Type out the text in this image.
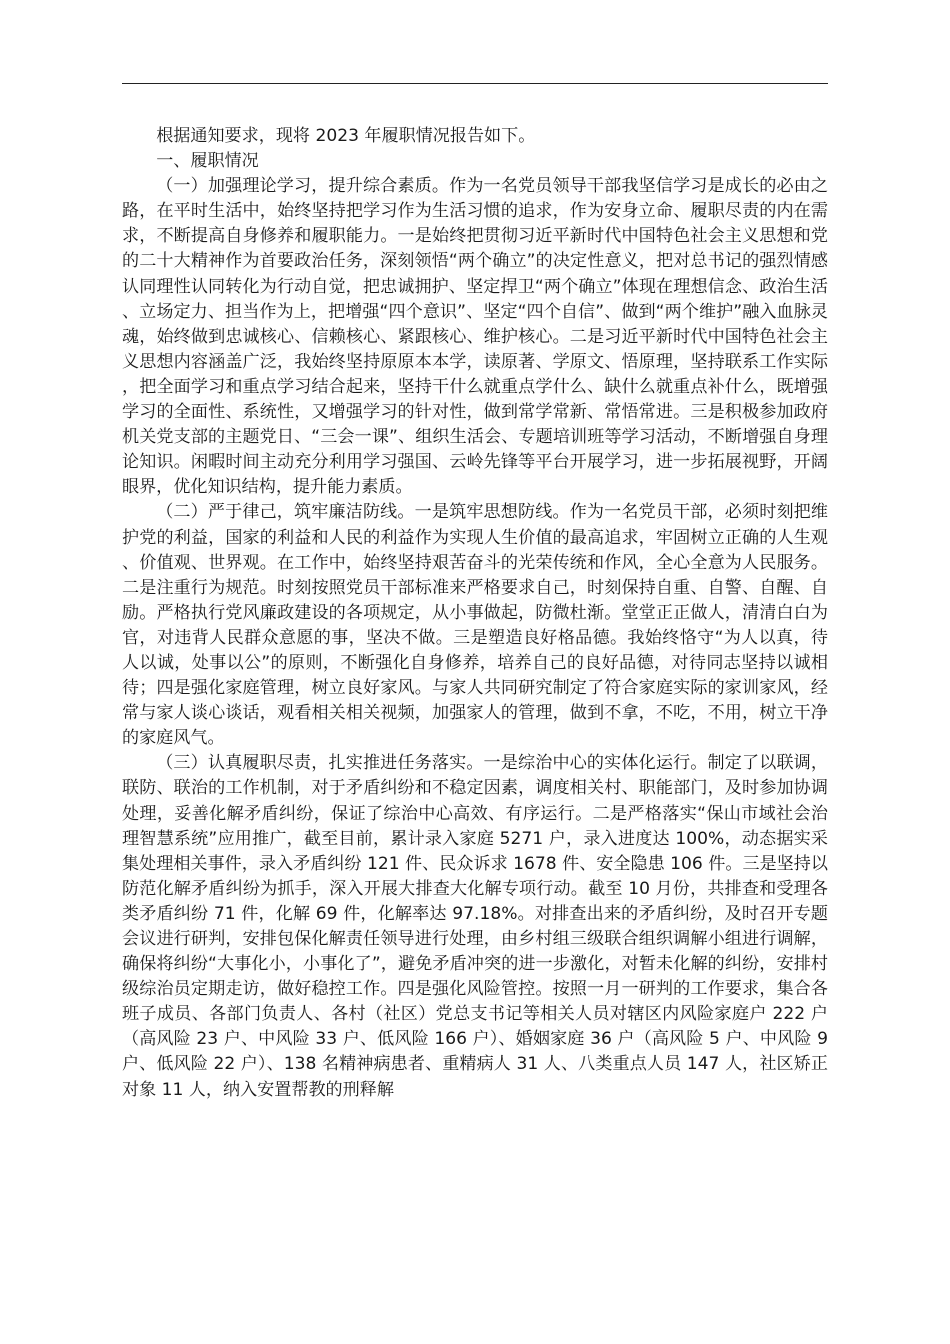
根据通知要求，现将 2023 年履职情况报告如下。

一、履职情况

（一）加强理论学习，提升综合素质。作为一名党员领导干部我坚信学习是成长的必由之路，在平时生活中，始终坚持把学习作为生活习惯的追求，作为安身立命、履职尽责的内在需求，不断提高自身修养和履职能力。一是始终把贯彻习近平新时代中国特色社会主义思想和党的二十大精神作为首要政治任务，深刻领悟“两个确立”的决定性意义，把对总书记的强烈情感认同理性认同转化为行动自觉，把忠诚拥护、坚定捍卫“两个确立”体现在理想信念、政治生活、立场定力、担当作为上，把增强“四个意识”、坚定“四个自信”、做到“两个维护”融入血脉灵魂，始终做到忠诚核心、信赖核心、紧跟核心、维护核心。二是习近平新时代中国特色社会主义思想内容涵盖广泛，我始终坚持原原本本学，读原著、学原文、悟原理，坚持联系工作实际，把全面学习和重点学习结合起来，坚持干什么就重点学什么、缺什么就重点补什么，既增强学习的全面性、系统性，又增强学习的针对性，做到常学常新、常悟常进。三是积极参加政府机关党支部的主题党日、“三会一课”、组织生活会、专题培训班等学习活动，不断增强自身理论知识。闲暇时间主动充分利用学习强国、云岭先锋等平台开展学习，进一步拓展视野，开阔眼界，优化知识结构，提升能力素质。

（二）严于律己，筑牢廉洁防线。一是筑牢思想防线。作为一名党员干部，必须时刻把维护党的利益，国家的利益和人民的利益作为实现人生价值的最高追求，牢固树立正确的人生观、价值观、世界观。在工作中，始终坚持艰苦奋斗的光荣传统和作风，全心全意为人民服务。二是注重行为规范。时刻按照党员干部标准来严格要求自己，时刻保持自重、自警、自醒、自励。严格执行党风廉政建设的各项规定，从小事做起，防微杜渐。堂堂正正做人，清清白白为官，对违背人民群众意愿的事，坚决不做。三是塑造良好格品德。我始终恪守“为人以真，待人以诚，处事以公”的原则，不断强化自身修养，培养自己的良好品德，对待同志坚持以诚相待；四是强化家庭管理，树立良好家风。与家人共同研究制定了符合家庭实际的家训家风，经常与家人谈心谈话，观看相关相关视频，加强家人的管理，做到不拿，不吃，不用，树立干净的家庭风气。

（三）认真履职尽责，扎实推进任务落实。一是综治中心的实体化运行。制定了以联调，联防、联治的工作机制，对于矛盾纠纷和不稳定因素，调度相关村、职能部门，及时参加协调处理，妥善化解矛盾纠纷，保证了综治中心高效、有序运行。二是严格落实“保山市域社会治理智慧系统”应用推广，截至目前，累计录入家庭 5271 户，录入进度达 100%，动态据实采集处理相关事件，录入矛盾纠纷 121 件、民众诉求 1678 件、安全隐患 106 件。三是坚持以防范化解矛盾纠纷为抓手，深入开展大排查大化解专项行动。截至 10 月份，共排查和受理各类矛盾纠纷 71 件，化解 69 件，化解率达 97.18%。对排查出来的矛盾纠纷，及时召开专题会议进行研判，安排包保化解责任领导进行处理，由乡村组三级联合组织调解小组进行调解，确保将纠纷“大事化小，小事化了”，避免矛盾冲突的进一步激化，对暂未化解的纠纷，安排村级综治员定期走访，做好稳控工作。四是强化风险管控。按照一月一研判的工作要求，集合各班子成员、各部门负责人、各村（社区）党总支书记等相关人员对辖区内风险家庭户 222 户（高风险 23 户、中风险 33 户、低风险 166 户）、婚姻家庭 36 户（高风险 5 户、中风险 9 户、低风险 22 户）、138 名精神病患者、重精病人 31 人、八类重点人员 147 人，社区矫正对象 11 人，纳入安置帮教的刑释解
